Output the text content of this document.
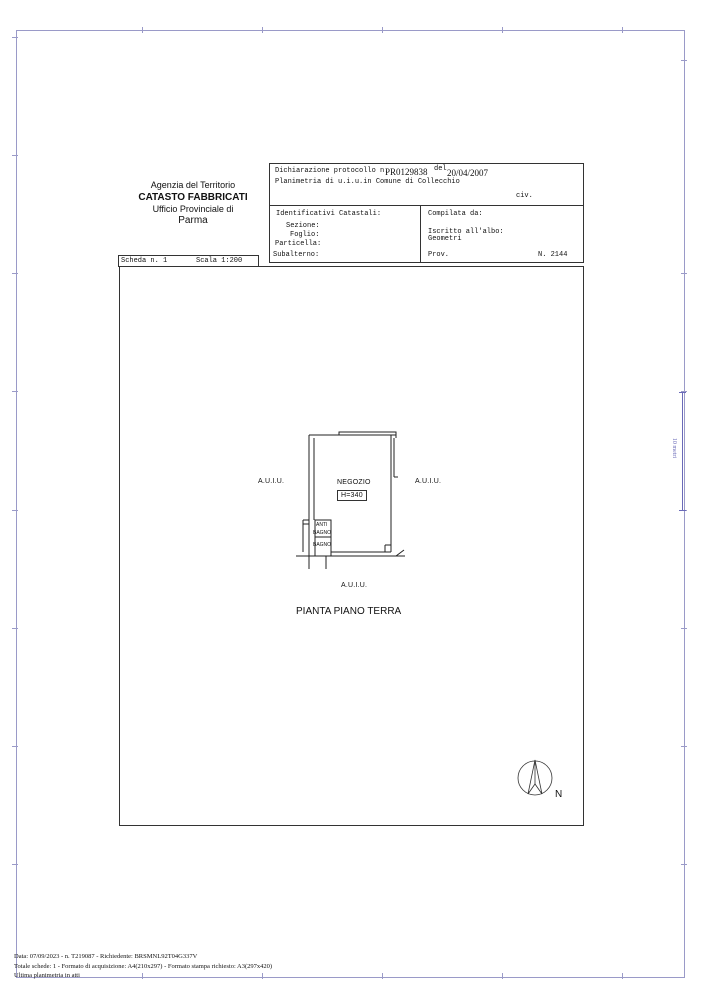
10 metri
Agenzia del Territorio
CATASTO FABBRICATI
Ufficio Provinciale di
Parma
Dichiarazione protocollo n.
PR0129838 del 20/04/2007
Planimetria di u.i.u.in Comune di Collecchio
civ.
Identificativi Catastali:
Sezione:
Foglio:
Particella:
Subalterno:
Compilata da:
Iscritto all'albo:
Geometri
Prov.	N. 2144
Scheda n. 1	Scala 1:200
A.U.I.U.	A.U.I.U.
A.U.I.U.
NEGOZIO
H=340
ANTI
BAGNO
BAGNO
PIANTA PIANO TERRA
N
Data: 07/09/2023 - n. T219087 - Richiedente: BRSMNL92T04G337V
Totale schede: 1 - Formato di acquisizione: A4(210x297) - Formato stampa richiesto: A3(297x420)
Ultima planimetria in atti
